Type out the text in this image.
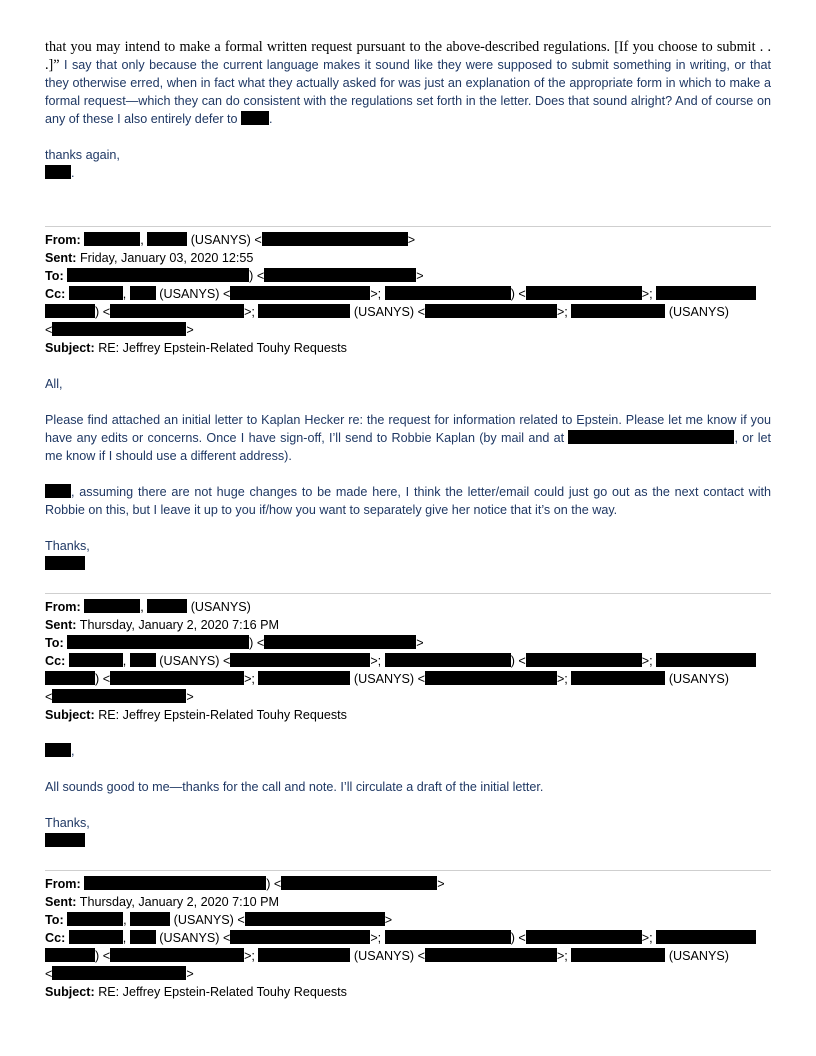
that you may intend to make a formal written request pursuant to the above-described regulations. [If you choose to submit . . .]” I say that only because the current language makes it sound like they were supposed to submit something in writing, or that they otherwise erred, when in fact what they actually asked for was just an explanation of the appropriate form in which to make a formal request—which they can do consistent with the regulations set forth in the letter. Does that sound alright? And of course on any of these I also entirely defer to .

thanks again,
.
From:	,	(USANYS) <	>
Sent: Friday, January 03, 2020 12:55
To:	) <	>
Cc:	,	(USANYS) <	>;	) <	>;
) <	>;	(USANYS) <	>;	(USANYS)
<	>
Subject: RE: Jeffrey Epstein-Related Touhy Requests
All,

Please find attached an initial letter to Kaplan Hecker re: the request for information related to Epstein. Please let me know if you have any edits or concerns. Once I have sign-off, I’ll send to Robbie Kaplan (by mail and at	, or let me know if I should use a different address).

, assuming there are not huge changes to be made here, I think the letter/email could just go out as the next contact with Robbie on this, but I leave it up to you if/how you want to separately give her notice that it’s on the way.

Thanks,
From:	,	(USANYS)
Sent: Thursday, January 2, 2020 7:16 PM
To:	) <	>
Cc:	,	(USANYS) <	>;	) <	>;
) <	>;	(USANYS) <	>;	(USANYS)
<	>
Subject: RE: Jeffrey Epstein-Related Touhy Requests
,

All sounds good to me—thanks for the call and note. I’ll circulate a draft of the initial letter.

Thanks,
From:	) <	>
Sent: Thursday, January 2, 2020 7:10 PM
To:	,	(USANYS) <	>
Cc:	,	(USANYS) <	>;	) <	>;
) <	>;	(USANYS) <	>;	(USANYS)
<	>
Subject: RE: Jeffrey Epstein-Related Touhy Requests
